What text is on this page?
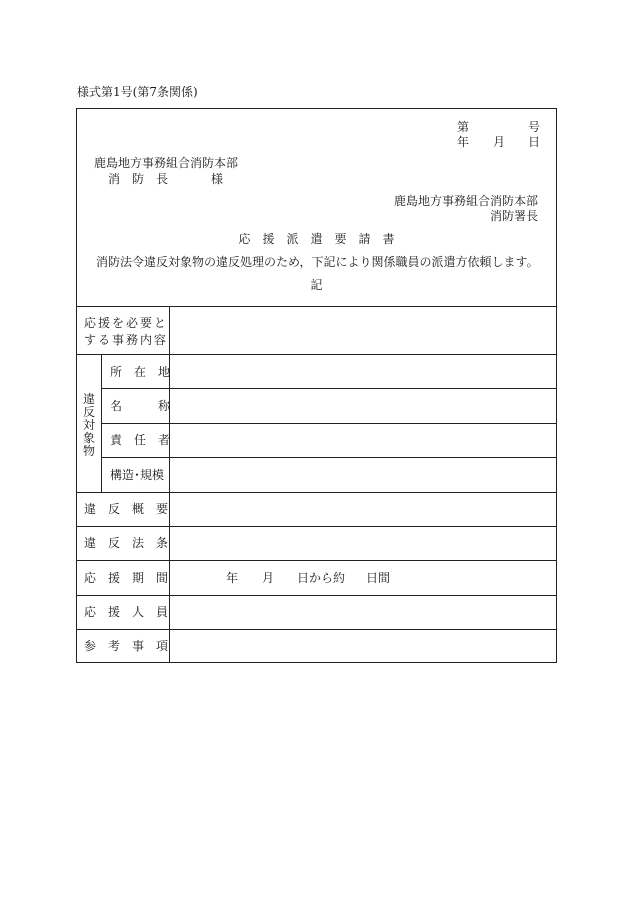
様式第1号(第7条関係)
第	号
年 月 日
鹿島地方事務組合消防本部
消　防　長	様
鹿島地方事務組合消防本部
消防署長
応　援　派　遣　要　請　書
消防法令違反対象物の違反処理のため，下記により関係職員の派遣方依頼します。
記
応 援 を 必 要 と
す る 事 務 内 容
違
反
対
象
物
所　在　地
名　　　称
責　任　者
構造･規模
違　反　概　要
違　反　法　条
応　援　期　間	年 月 日から約 日間
応　援　人　員
参　考　事　項
